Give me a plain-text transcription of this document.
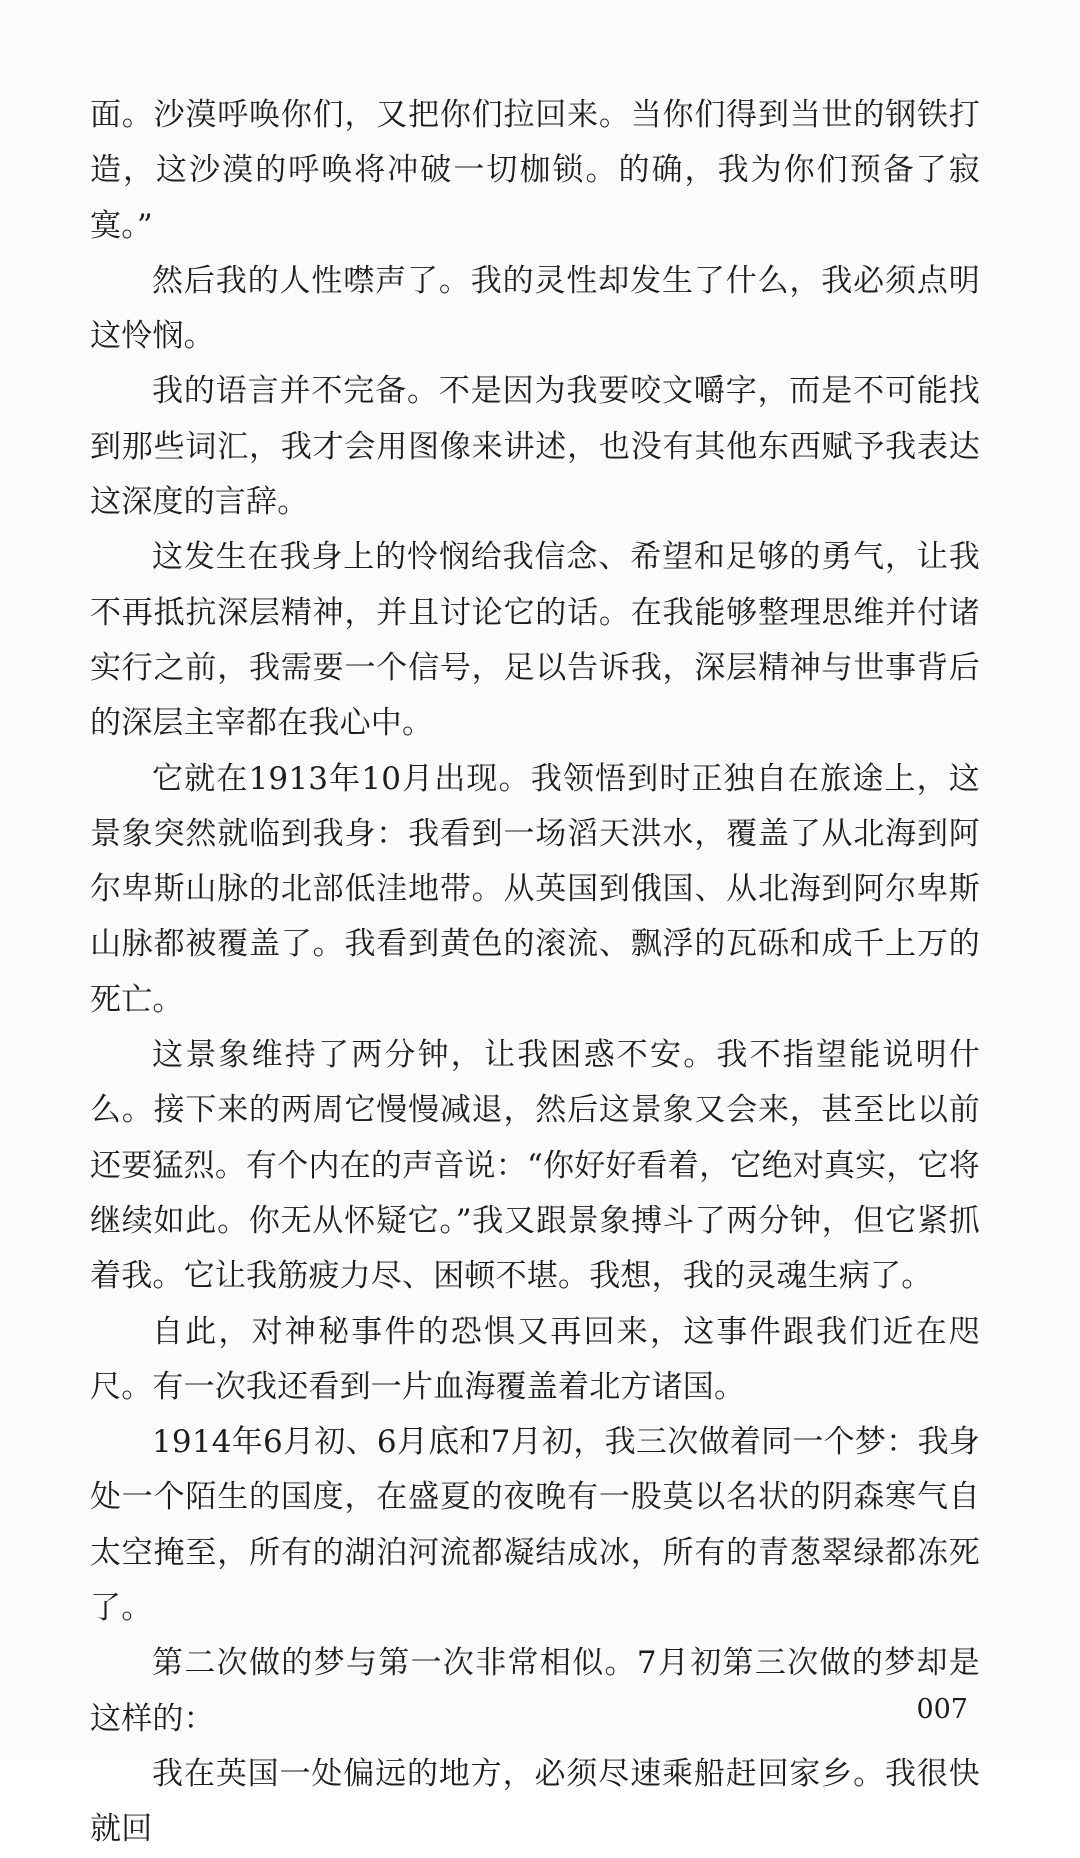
面。沙漠呼唤你们，又把你们拉回来。当你们得到当世的钢铁打造，这沙漠的呼唤将冲破一切枷锁。的确，我为你们预备了寂寞。”

然后我的人性噤声了。我的灵性却发生了什么，我必须点明这怜悯。

我的语言并不完备。不是因为我要咬文嚼字，而是不可能找到那些词汇，我才会用图像来讲述，也没有其他东西赋予我表达这深度的言辞。

这发生在我身上的怜悯给我信念、希望和足够的勇气，让我不再抵抗深层精神，并且讨论它的话。在我能够整理思维并付诸实行之前，我需要一个信号，足以告诉我，深层精神与世事背后的深层主宰都在我心中。

它就在1913年10月出现。我领悟到时正独自在旅途上，这景象突然就临到我身：我看到一场滔天洪水，覆盖了从北海到阿尔卑斯山脉的北部低洼地带。从英国到俄国、从北海到阿尔卑斯山脉都被覆盖了。我看到黄色的滚流、飘浮的瓦砾和成千上万的死亡。

这景象维持了两分钟，让我困惑不安。我不指望能说明什么。接下来的两周它慢慢减退，然后这景象又会来，甚至比以前还要猛烈。有个内在的声音说：“你好好看着，它绝对真实，它将继续如此。你无从怀疑它。”我又跟景象搏斗了两分钟，但它紧抓着我。它让我筋疲力尽、困顿不堪。我想，我的灵魂生病了。

自此，对神秘事件的恐惧又再回来，这事件跟我们近在咫尺。有一次我还看到一片血海覆盖着北方诸国。

1914年6月初、6月底和7月初，我三次做着同一个梦：我身处一个陌生的国度，在盛夏的夜晚有一股莫以名状的阴森寒气自太空掩至，所有的湖泊河流都凝结成冰，所有的青葱翠绿都冻死了。

第二次做的梦与第一次非常相似。7月初第三次做的梦却是这样的：

我在英国一处偏远的地方，必须尽速乘船赶回家乡。我很快就回

007
